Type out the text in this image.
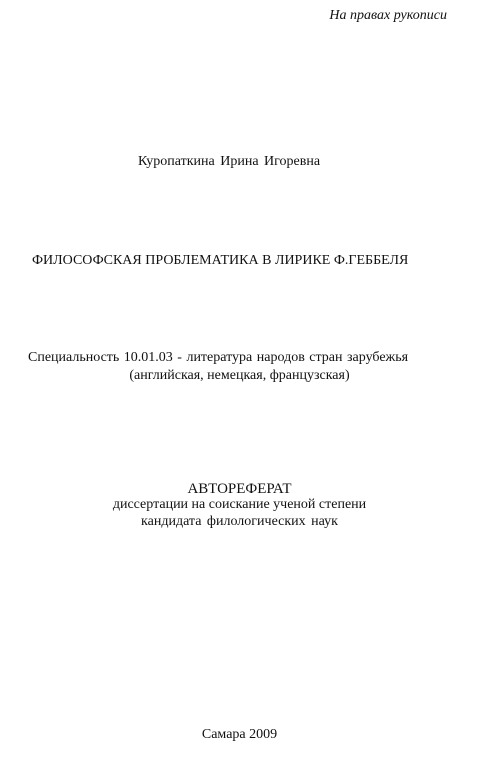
На правах рукописи
Куропаткина Ирина Игоревна
ФИЛОСОФСКАЯ ПРОБЛЕМАТИКА В ЛИРИКЕ Ф.ГЕББЕЛЯ
Специальность 10.01.03 - литература народов стран зарубежья
(английская, немецкая, французская)
АВТОРЕФЕРАТ
диссертации на соискание ученой степени
кандидата филологических наук
Самара 2009
